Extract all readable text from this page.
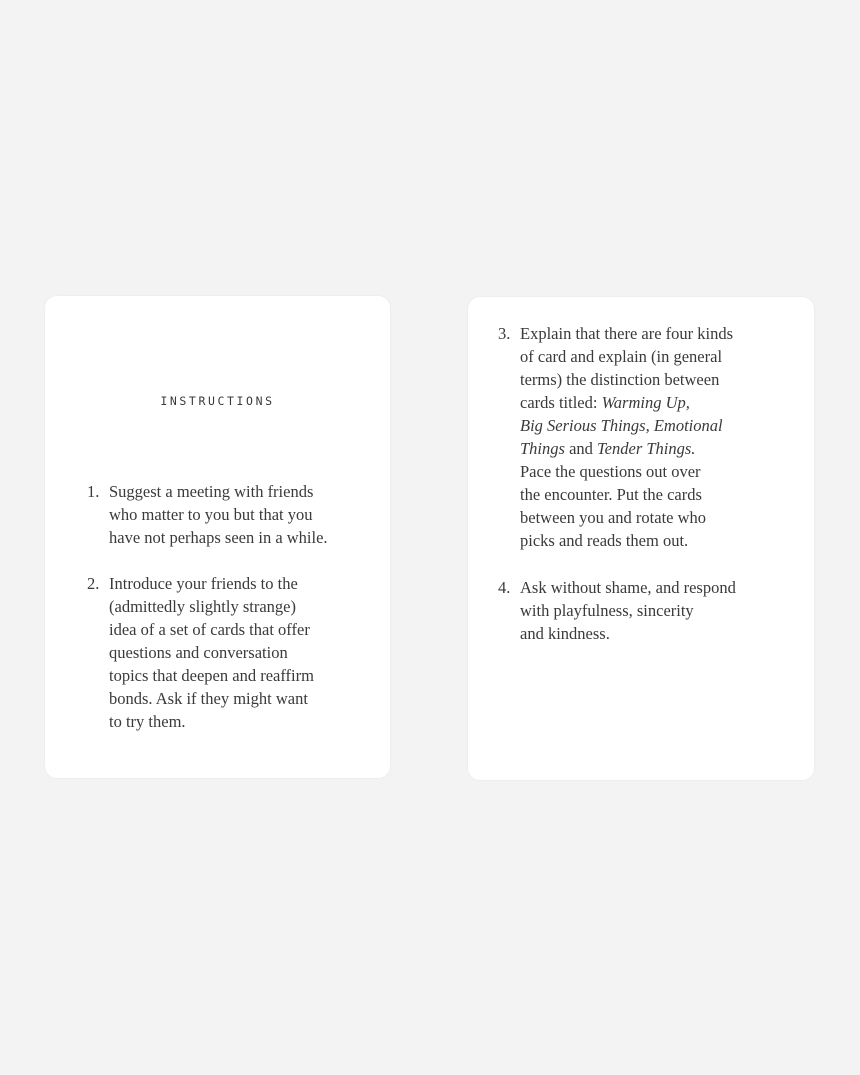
INSTRUCTIONS
1. Suggest a meeting with friends
who matter to you but that you
have not perhaps seen in a while.
2. Introduce your friends to the
(admittedly slightly strange)
idea of a set of cards that offer
questions and conversation
topics that deepen and reaffirm
bonds. Ask if they might want
to try them.
3. Explain that there are four kinds
of card and explain (in general
terms) the distinction between
cards titled: Warming Up,
Big Serious Things, Emotional
Things and Tender Things.
Pace the questions out over
the encounter. Put the cards
between you and rotate who
picks and reads them out.
4. Ask without shame, and respond
with playfulness, sincerity
and kindness.
